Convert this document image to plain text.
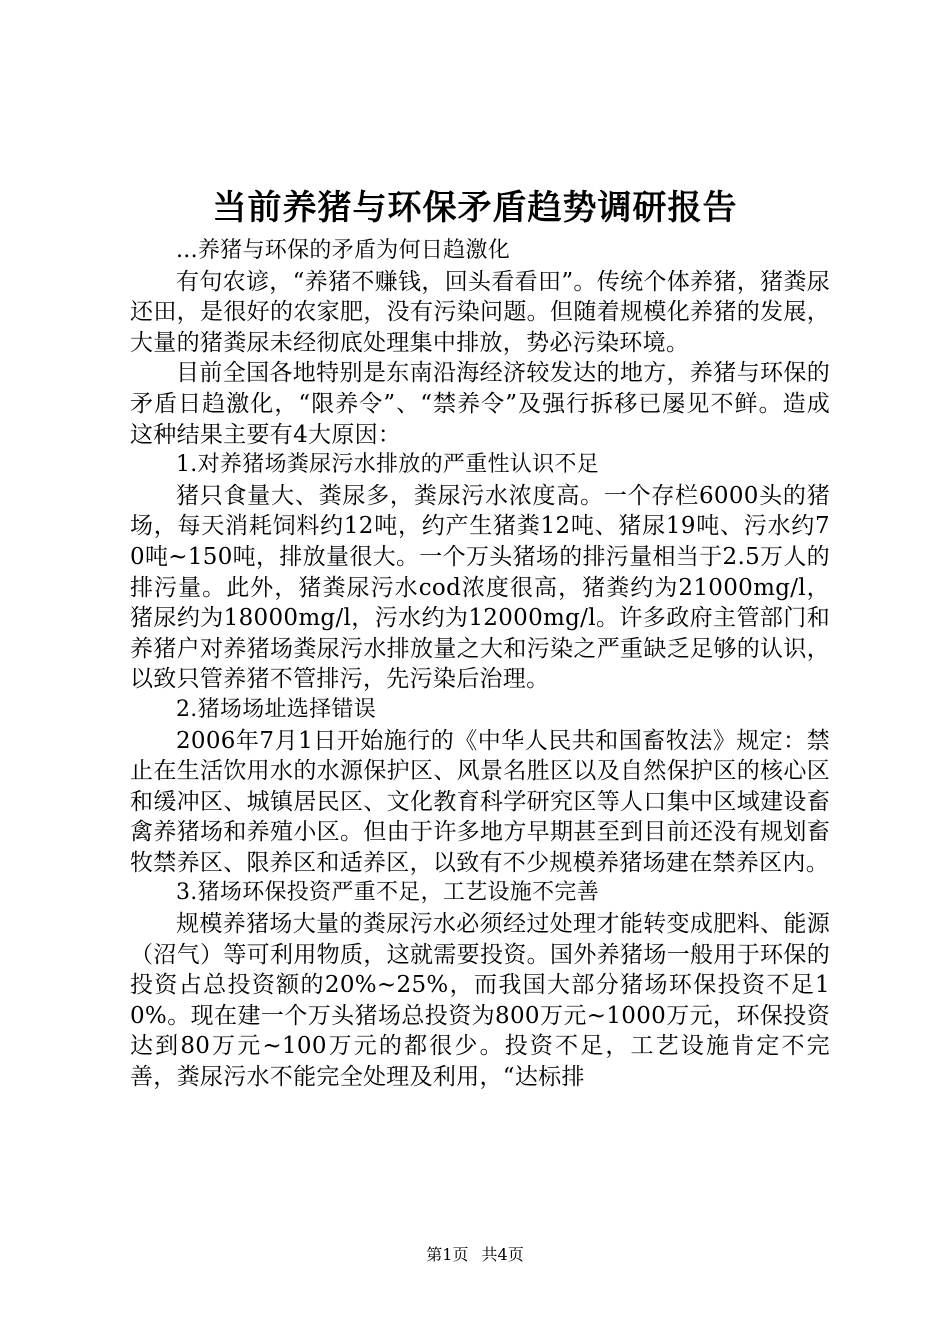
当前养猪与环保矛盾趋势调研报告

...养猪与环保的矛盾为何日趋激化

有句农谚，“养猪不赚钱，回头看看田”。传统个体养猪，猪粪尿还田，是很好的农家肥，没有污染问题。但随着规模化养猪的发展，大量的猪粪尿未经彻底处理集中排放，势必污染环境。

目前全国各地特别是东南沿海经济较发达的地方，养猪与环保的矛盾日趋激化，“限养令”、“禁养令”及强行拆移已屡见不鲜。造成这种结果主要有4大原因：

1.对养猪场粪尿污水排放的严重性认识不足

猪只食量大、粪尿多，粪尿污水浓度高。一个存栏6000头的猪场，每天消耗饲料约12吨，约产生猪粪12吨、猪尿19吨、污水约70吨~150吨，排放量很大。一个万头猪场的排污量相当于2.5万人的排污量。此外，猪粪尿污水cod浓度很高，猪粪约为21000mg/l，猪尿约为18000mg/l，污水约为12000mg/l。许多政府主管部门和养猪户对养猪场粪尿污水排放量之大和污染之严重缺乏足够的认识，以致只管养猪不管排污，先污染后治理。

2.猪场场址选择错误

2006年7月1日开始施行的《中华人民共和国畜牧法》规定：禁止在生活饮用水的水源保护区、风景名胜区以及自然保护区的核心区和缓冲区、城镇居民区、文化教育科学研究区等人口集中区域建设畜禽养猪场和养殖小区。但由于许多地方早期甚至到目前还没有规划畜牧禁养区、限养区和适养区，以致有不少规模养猪场建在禁养区内。

3.猪场环保投资严重不足，工艺设施不完善

规模养猪场大量的粪尿污水必须经过处理才能转变成肥料、能源（沼气）等可利用物质，这就需要投资。国外养猪场一般用于环保的投资占总投资额的20%~25%，而我国大部分猪场环保投资不足10%。现在建一个万头猪场总投资为800万元~1000万元，环保投资达到80万元~100万元的都很少。投资不足，工艺设施肯定不完善，粪尿污水不能完全处理及利用，“达标排

第1页 共4页
